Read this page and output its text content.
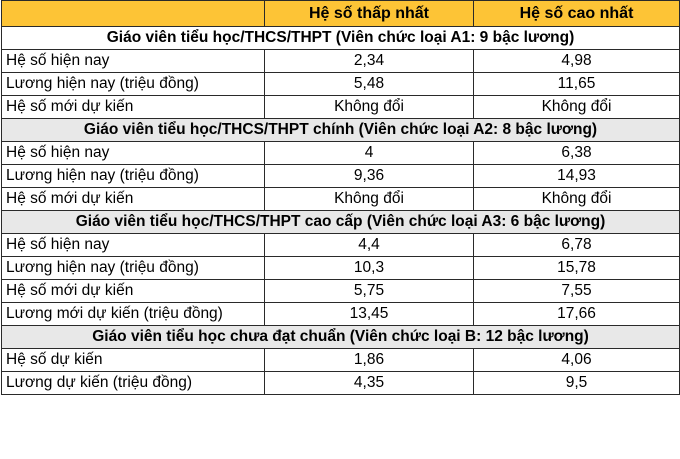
	Hệ số thấp nhất	Hệ số cao nhất
Giáo viên tiểu học/THCS/THPT (Viên chức loại A1: 9 bậc lương)		
Hệ số hiện nay	2,34	4,98
Lương hiện nay (triệu đồng)	5,48	11,65
Hệ số mới dự kiến	Không đổi	Không đổi
Giáo viên tiểu học/THCS/THPT chính (Viên chức loại A2: 8 bậc lương)		
Hệ số hiện nay	4	6,38
Lương hiện nay (triệu đồng)	9,36	14,93
Hệ số mới dự kiến	Không đổi	Không đổi
Giáo viên tiểu học/THCS/THPT cao cấp (Viên chức loại A3: 6 bậc lương)		
Hệ số hiện nay	4,4	6,78
Lương hiện nay (triệu đồng)	10,3	15,78
Hệ số mới dự kiến	5,75	7,55
Lương mới dự kiến (triệu đồng)	13,45	17,66
Giáo viên tiểu học chưa đạt chuẩn (Viên chức loại B: 12 bậc lương)		
Hệ số dự kiến	1,86	4,06
Lương dự kiến (triệu đồng)	4,35	9,5
